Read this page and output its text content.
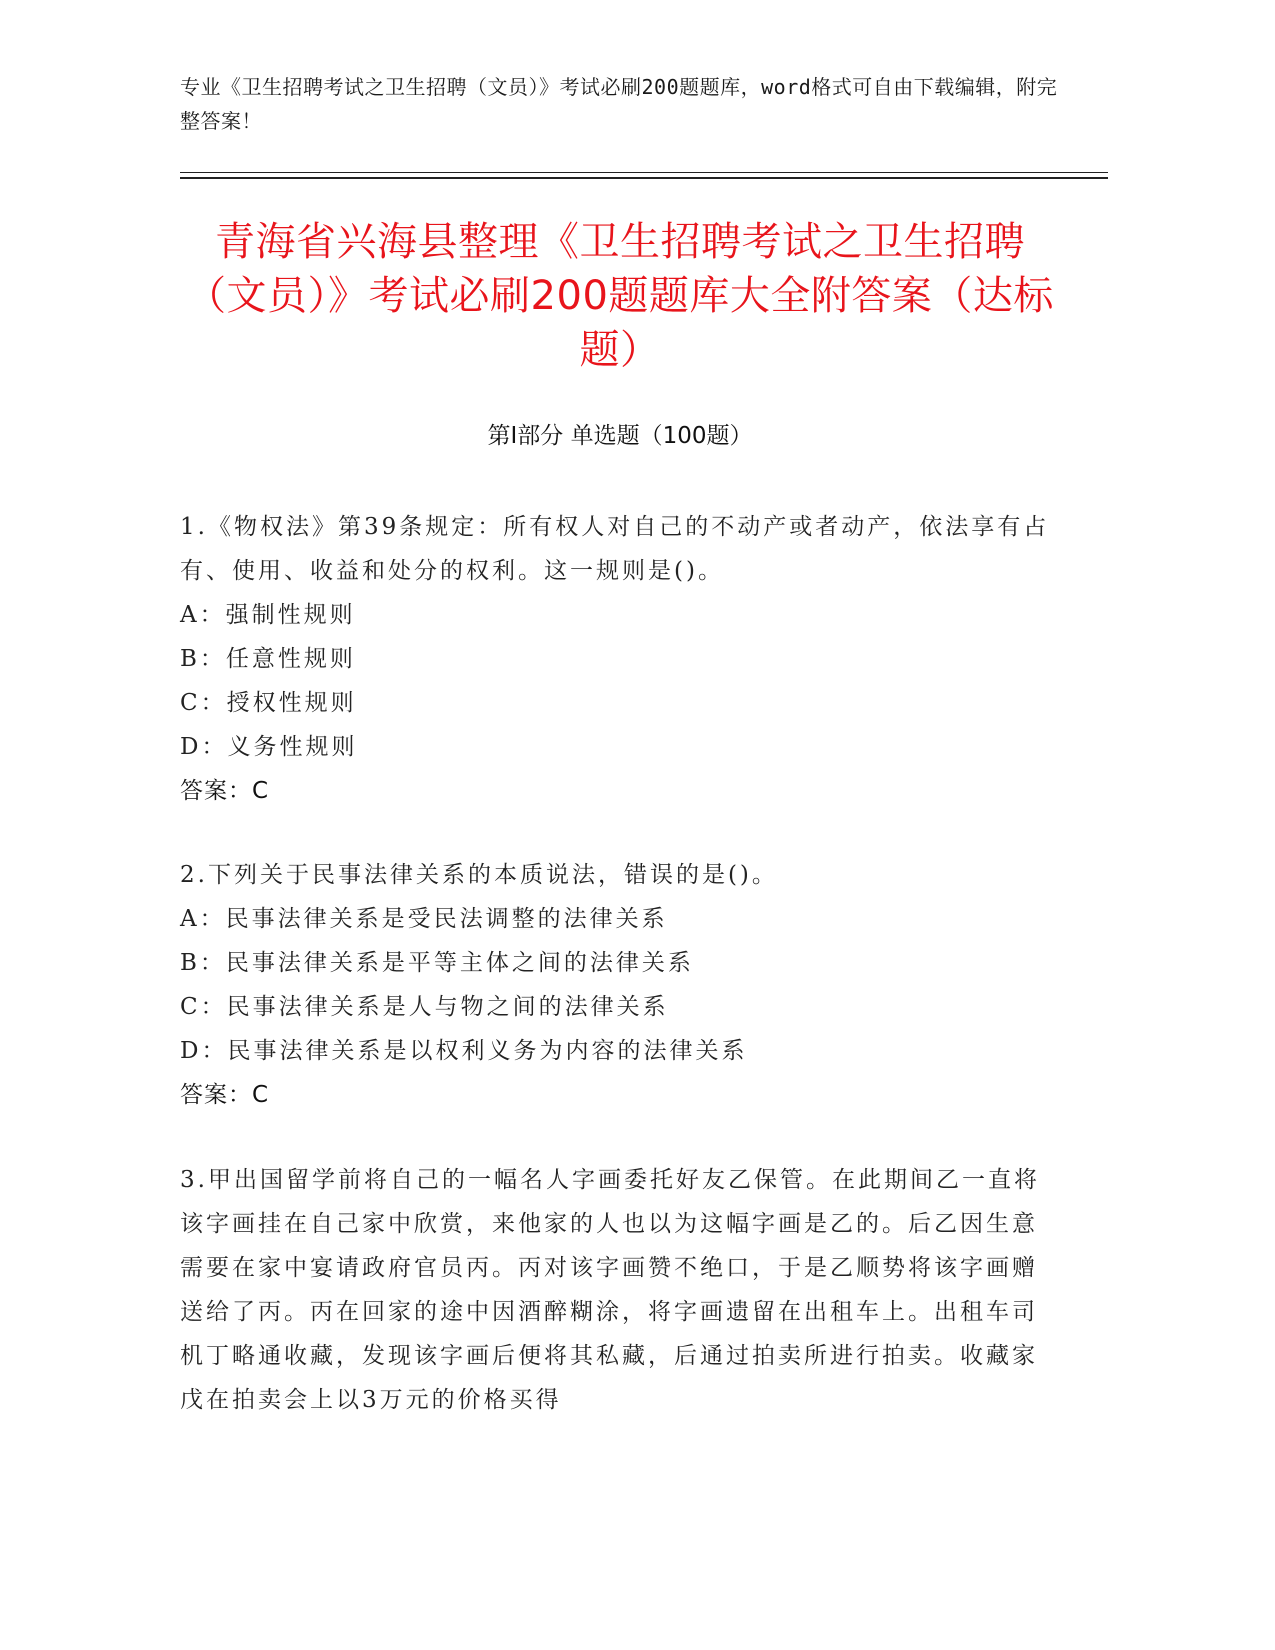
专业《卫生招聘考试之卫生招聘（文员）》考试必刷200题题库，word格式可自由下载编辑，附完整答案！
青海省兴海县整理《卫生招聘考试之卫生招聘（文员）》考试必刷200题题库大全附答案（达标题）
第Ⅰ部分 单选题（100题）
1.《物权法》第39条规定：所有权人对自己的不动产或者动产，依法享有占有、使用、收益和处分的权利。这一规则是()。
A：强制性规则
B：任意性规则
C：授权性规则
D：义务性规则
答案：C
2.下列关于民事法律关系的本质说法，错误的是()。
A：民事法律关系是受民法调整的法律关系
B：民事法律关系是平等主体之间的法律关系
C：民事法律关系是人与物之间的法律关系
D：民事法律关系是以权利义务为内容的法律关系
答案：C
3.甲出国留学前将自己的一幅名人字画委托好友乙保管。在此期间乙一直将该字画挂在自己家中欣赏，来他家的人也以为这幅字画是乙的。后乙因生意需要在家中宴请政府官员丙。丙对该字画赞不绝口，于是乙顺势将该字画赠送给了丙。丙在回家的途中因酒醉糊涂，将字画遗留在出租车上。出租车司机丁略通收藏，发现该字画后便将其私藏，后通过拍卖所进行拍卖。收藏家戊在拍卖会上以3万元的价格买得
